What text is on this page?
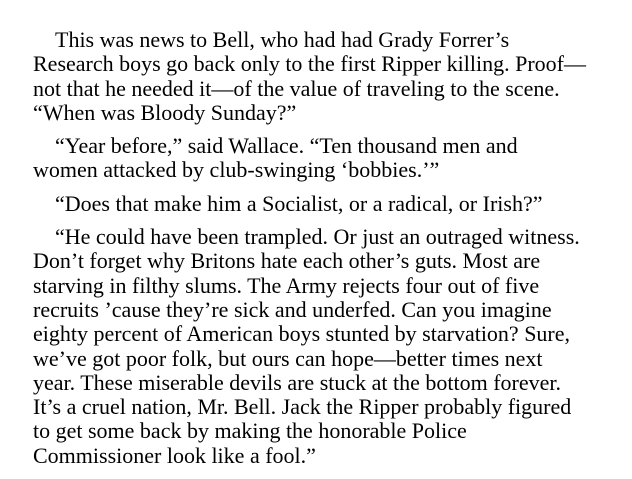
This was news to Bell, who had had Grady Forrer’s
Research boys go back only to the first Ripper killing. Proof—
not that he needed it—of the value of traveling to the scene.
“When was Bloody Sunday?”

“Year before,” said Wallace. “Ten thousand men and
women attacked by club-swinging ‘bobbies.’”

“Does that make him a Socialist, or a radical, or Irish?”

“He could have been trampled. Or just an outraged witness.
Don’t forget why Britons hate each other’s guts. Most are
starving in filthy slums. The Army rejects four out of five
recruits ’cause they’re sick and underfed. Can you imagine
eighty percent of American boys stunted by starvation? Sure,
we’ve got poor folk, but ours can hope—better times next
year. These miserable devils are stuck at the bottom forever.
It’s a cruel nation, Mr. Bell. Jack the Ripper probably figured
to get some back by making the honorable Police
Commissioner look like a fool.”
